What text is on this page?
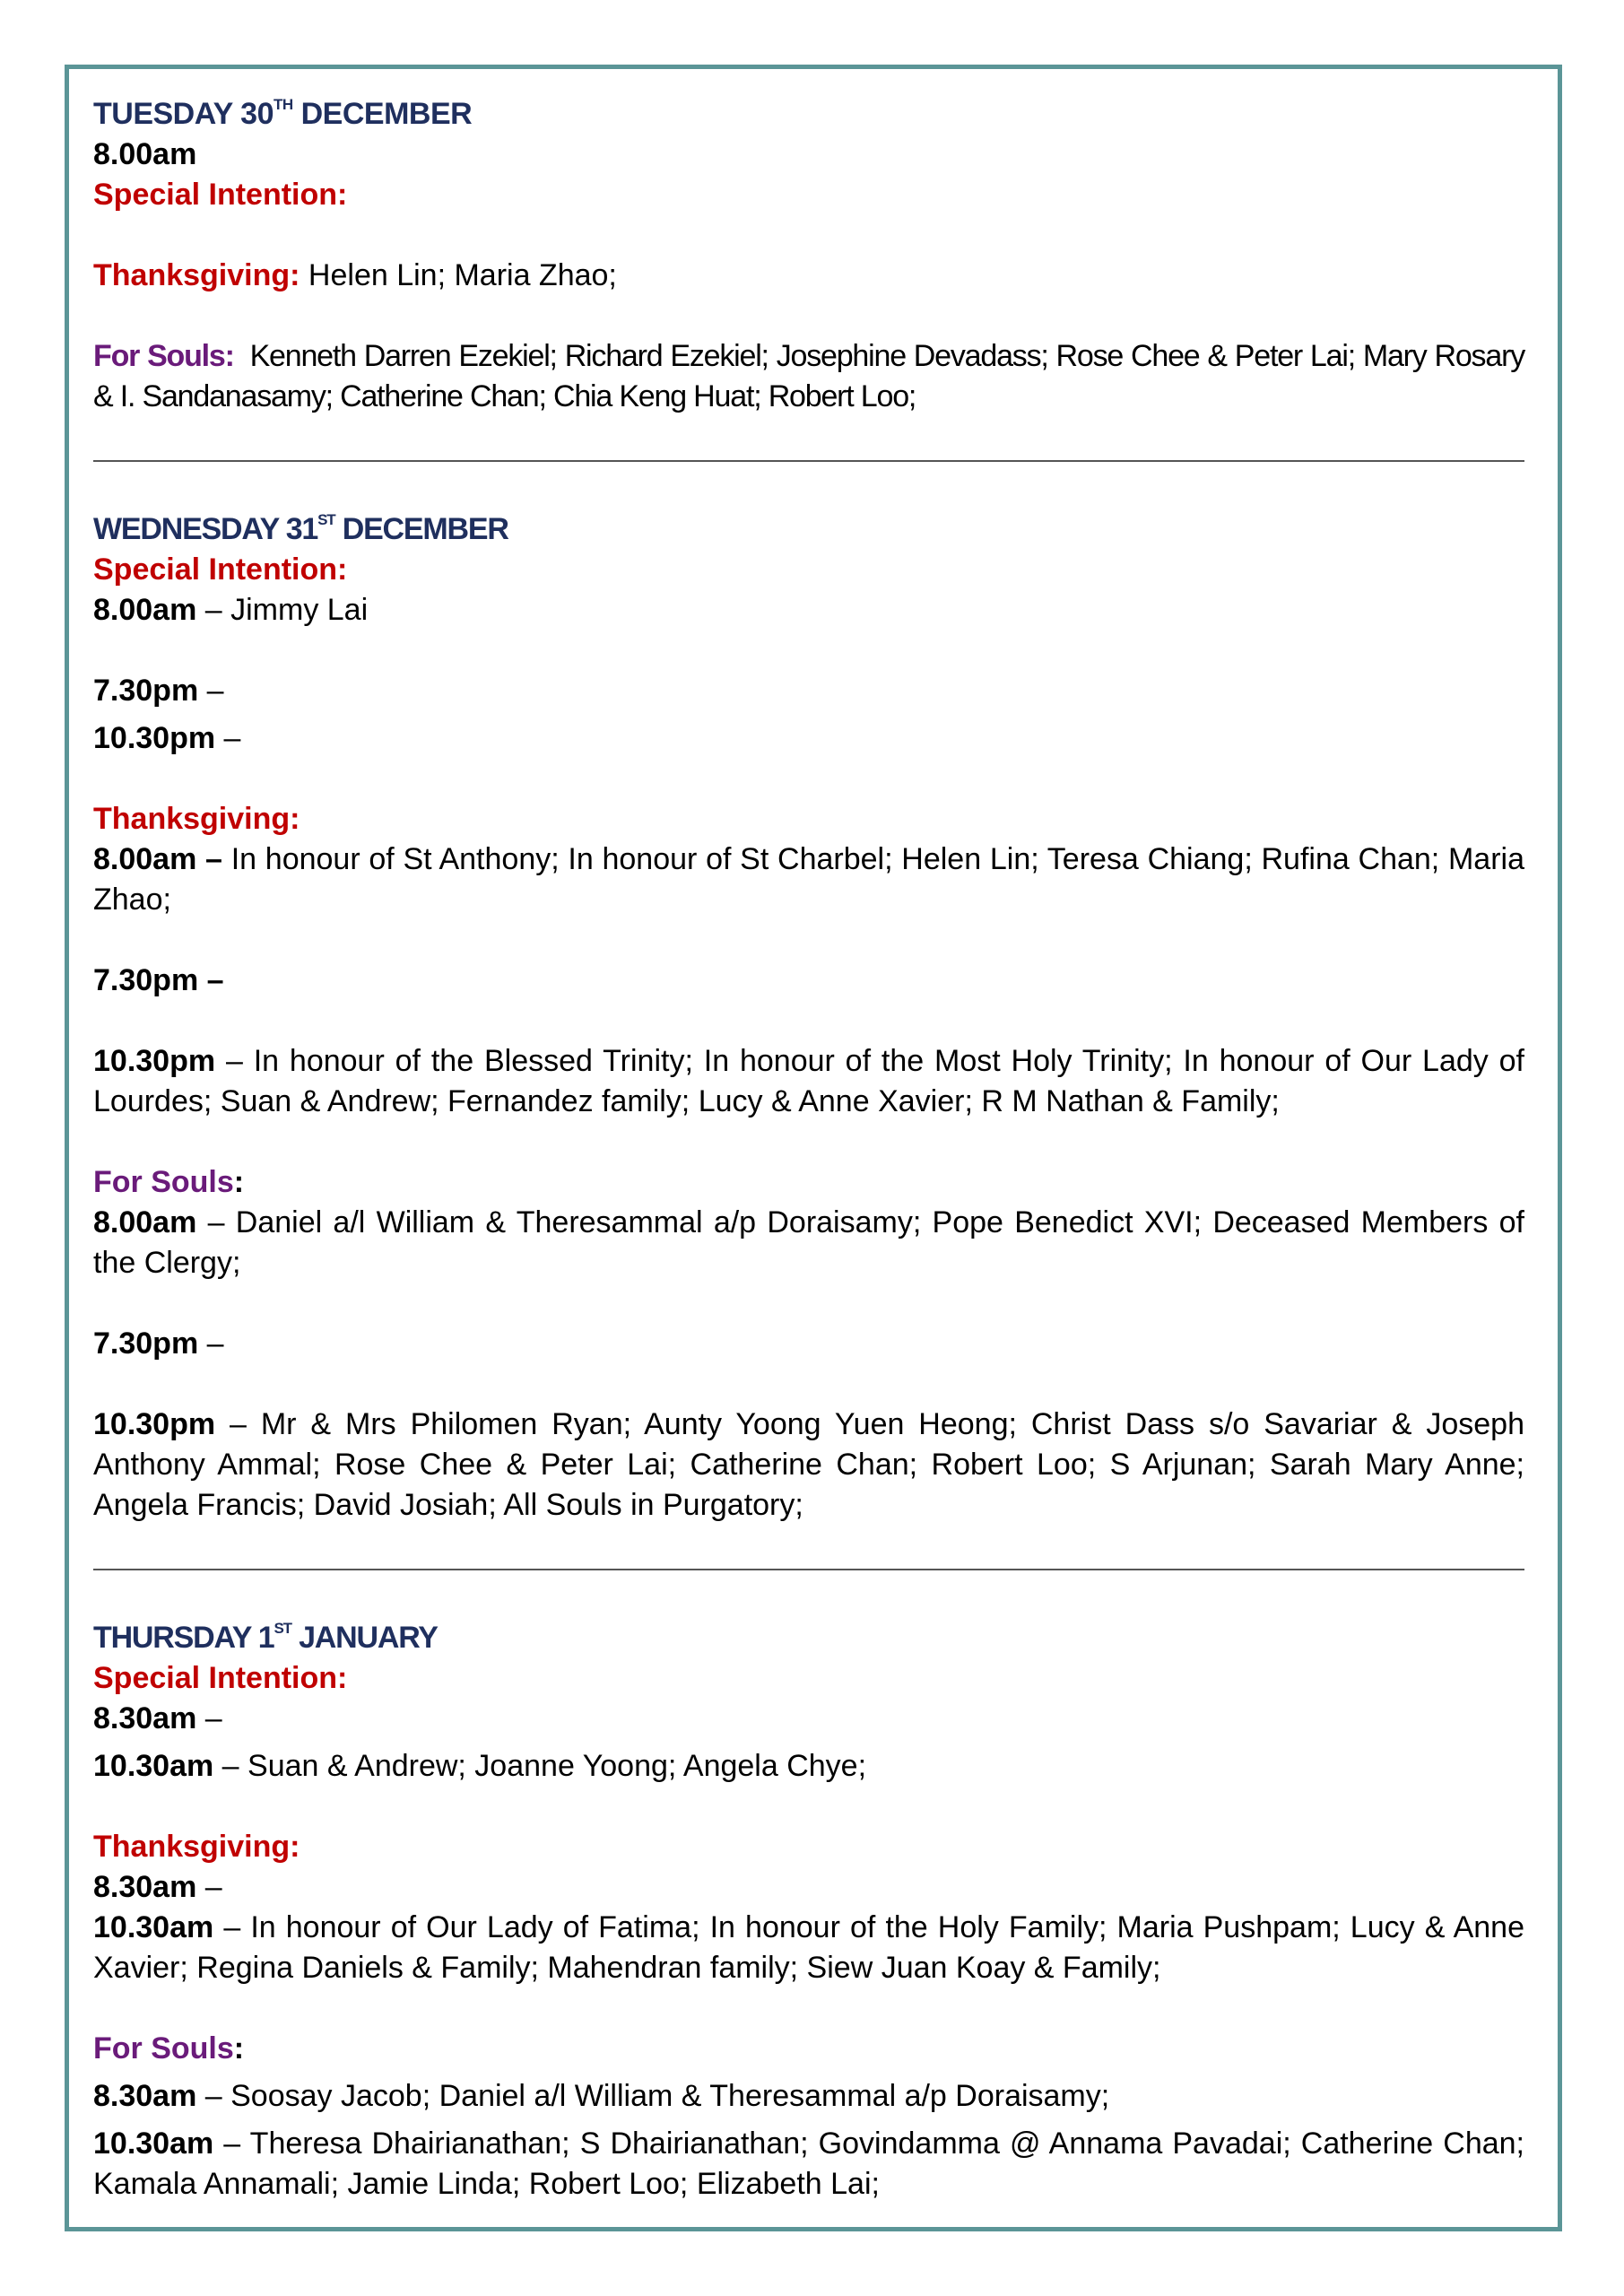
TUESDAY 30TH DECEMBER
8.00am
Special Intention:
Thanksgiving: Helen Lin; Maria Zhao;
For Souls: Kenneth Darren Ezekiel; Richard Ezekiel; Josephine Devadass; Rose Chee & Peter Lai; Mary Rosary & I. Sandanasamy; Catherine Chan; Chia Keng Huat; Robert Loo;
WEDNESDAY 31ST DECEMBER
Special Intention:
8.00am – Jimmy Lai
7.30pm –
10.30pm –
Thanksgiving:
8.00am – In honour of St Anthony; In honour of St Charbel; Helen Lin; Teresa Chiang; Rufina Chan; Maria Zhao;
7.30pm –
10.30pm – In honour of the Blessed Trinity; In honour of the Most Holy Trinity; In honour of Our Lady of Lourdes; Suan & Andrew; Fernandez family; Lucy & Anne Xavier; R M Nathan & Family;
For Souls:
8.00am – Daniel a/l William & Theresammal a/p Doraisamy; Pope Benedict XVI; Deceased Members of the Clergy;
7.30pm –
10.30pm – Mr & Mrs Philomen Ryan; Aunty Yoong Yuen Heong; Christ Dass s/o Savariar & Joseph Anthony Ammal; Rose Chee & Peter Lai; Catherine Chan; Robert Loo; S Arjunan; Sarah Mary Anne; Angela Francis; David Josiah; All Souls in Purgatory;
THURSDAY 1ST JANUARY
Special Intention:
8.30am –
10.30am – Suan & Andrew; Joanne Yoong; Angela Chye;
Thanksgiving:
8.30am –
10.30am – In honour of Our Lady of Fatima; In honour of the Holy Family; Maria Pushpam; Lucy & Anne Xavier; Regina Daniels & Family; Mahendran family; Siew Juan Koay & Family;
For Souls:
8.30am – Soosay Jacob; Daniel a/l William & Theresammal a/p Doraisamy;
10.30am – Theresa Dhairianathan; S Dhairianathan; Govindamma @ Annama Pavadai; Catherine Chan; Kamala Annamali; Jamie Linda; Robert Loo; Elizabeth Lai;
